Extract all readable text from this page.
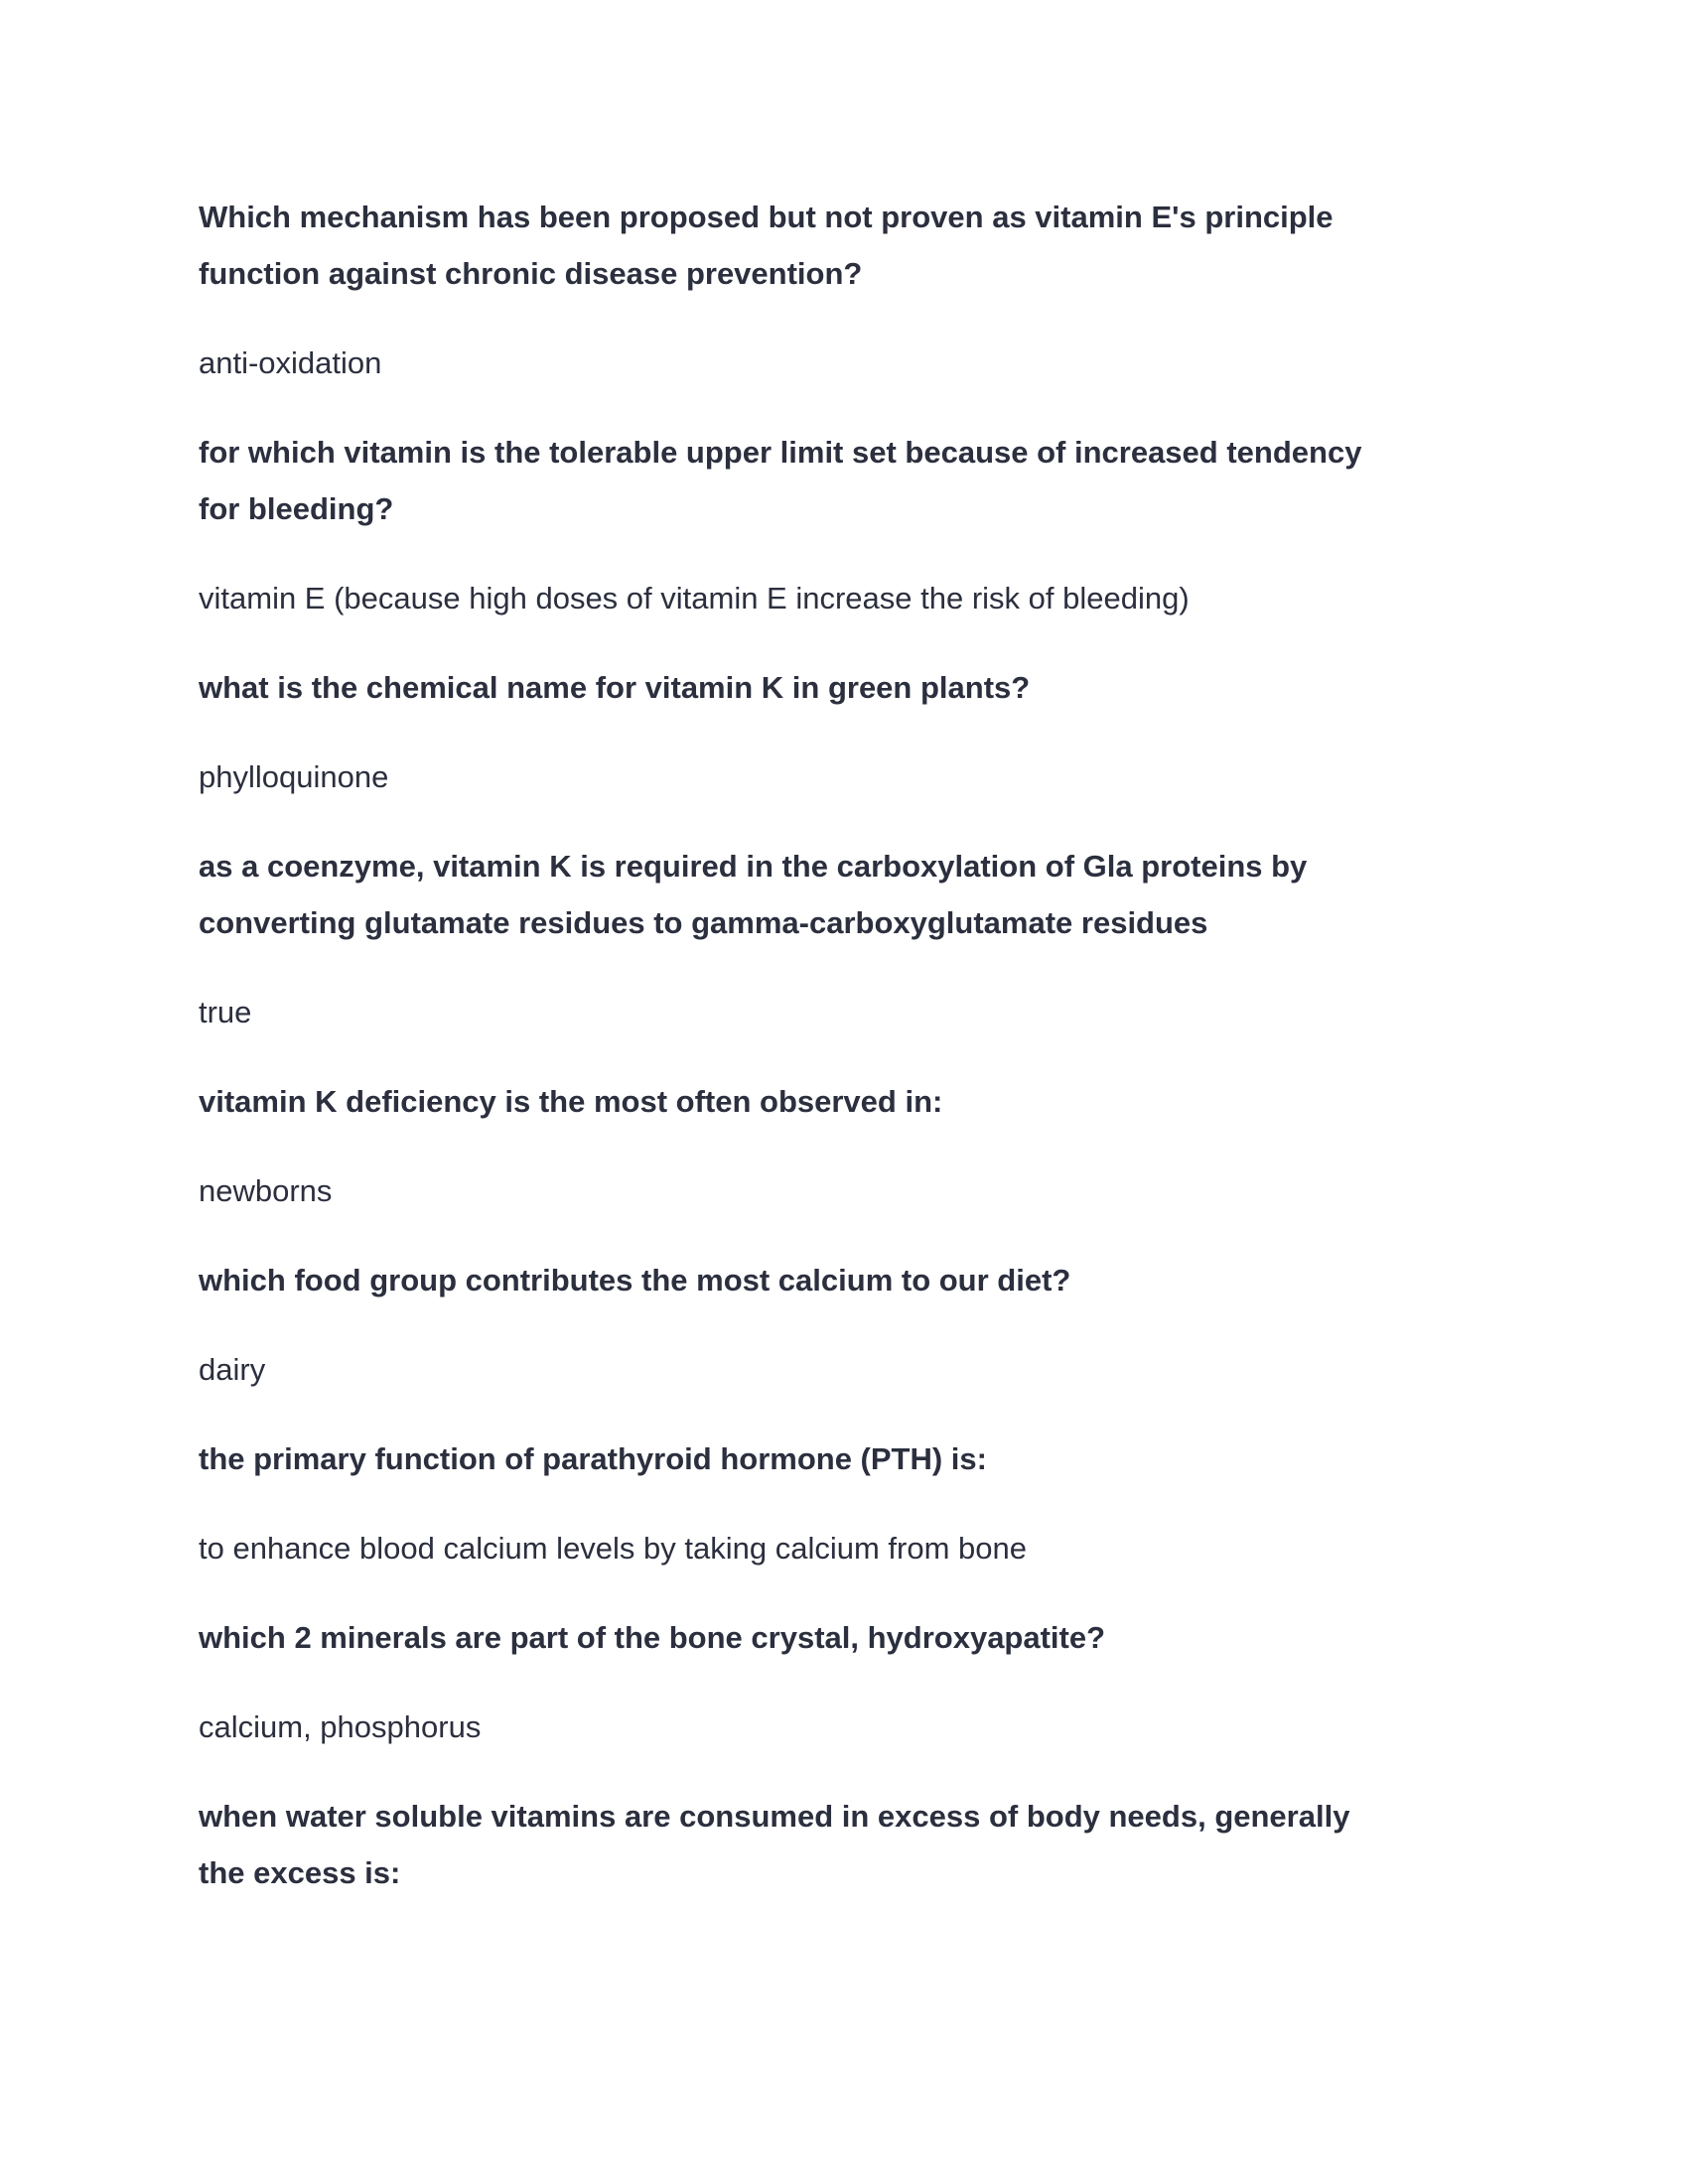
Which mechanism has been proposed but not proven as vitamin E's principle
function against chronic disease prevention?

anti-oxidation

for which vitamin is the tolerable upper limit set because of increased tendency
for bleeding?

vitamin E (because high doses of vitamin E increase the risk of bleeding)

what is the chemical name for vitamin K in green plants?

phylloquinone

as a coenzyme, vitamin K is required in the carboxylation of Gla proteins by
converting glutamate residues to gamma-carboxyglutamate residues

true

vitamin K deficiency is the most often observed in:

newborns

which food group contributes the most calcium to our diet?

dairy

the primary function of parathyroid hormone (PTH) is:

to enhance blood calcium levels by taking calcium from bone

which 2 minerals are part of the bone crystal, hydroxyapatite?

calcium, phosphorus

when water soluble vitamins are consumed in excess of body needs, generally
the excess is:
